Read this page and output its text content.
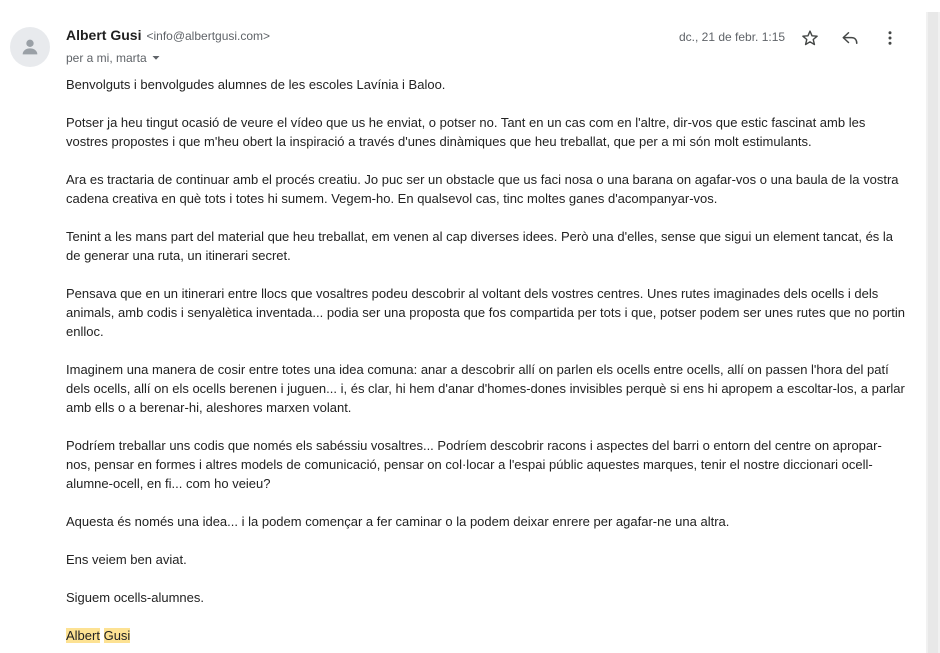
Albert Gusi <info@albertgusi.com>
per a mi, marta
dc., 21 de febr. 1:15

Benvolguts i benvolgudes alumnes de les escoles Lavínia i Baloo.

Potser ja heu tingut ocasió de veure el vídeo que us he enviat, o potser no. Tant en un cas com en l'altre, dir-vos que estic fascinat amb les vostres propostes i que m'heu obert la inspiració a través d'unes dinàmiques que heu treballat, que per a mi són molt estimulants.

Ara es tractaria de continuar amb el procés creatiu. Jo puc ser un obstacle que us faci nosa o una barana on agafar-vos o una baula de la vostra cadena creativa en què tots i totes hi sumem. Vegem-ho. En qualsevol cas, tinc moltes ganes d'acompanyar-vos.

Tenint a les mans part del material que heu treballat, em venen al cap diverses idees. Però una d'elles, sense que sigui un element tancat, és la de generar una ruta, un itinerari secret.

Pensava que en un itinerari entre llocs que vosaltres podeu descobrir al voltant dels vostres centres. Unes rutes imaginades dels ocells i dels animals, amb codis i senyalètica inventada... podia ser una proposta que fos compartida per tots i que, potser podem ser unes rutes que no portin enlloc.

Imaginem una manera de cosir entre totes una idea comuna: anar a descobrir allí on parlen els ocells entre ocells, allí on passen l'hora del patí dels ocells, allí on els ocells berenen i juguen... i, és clar, hi hem d'anar d'homes-dones invisibles perquè si ens hi apropem a escoltar-los, a parlar amb ells o a berenar-hi, aleshores marxen volant.

Podríem treballar uns codis que només els sabéssiu vosaltres... Podríem descobrir racons i aspectes del barri o entorn del centre on apropar-nos, pensar en formes i altres models de comunicació, pensar on col·locar a l'espai públic aquestes marques, tenir el nostre diccionari ocell-alumne-ocell, en fi... com ho veieu?

Aquesta és només una idea... i la podem començar a fer caminar o la podem deixar enrere per agafar-ne una altra.

Ens veiem ben aviat.

Siguem ocells-alumnes.

Albert Gusi
